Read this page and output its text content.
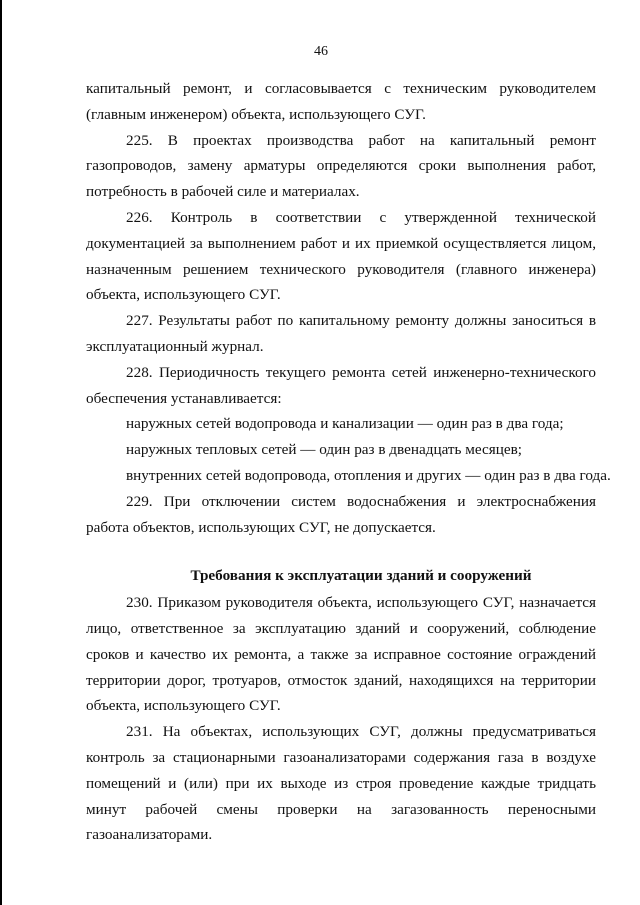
46

капитальный ремонт, и согласовывается с техническим руководителем (главным инженером) объекта, использующего СУГ.

225. В проектах производства работ на капитальный ремонт газопроводов, замену арматуры определяются сроки выполнения работ, потребность в рабочей силе и материалах.

226. Контроль в соответствии с утвержденной технической документацией за выполнением работ и их приемкой осуществляется лицом, назначенным решением технического руководителя (главного инженера) объекта, использующего СУГ.

227. Результаты работ по капитальному ремонту должны заноситься в эксплуатационный журнал.

228. Периодичность текущего ремонта сетей инженерно-технического обеспечения устанавливается:

наружных сетей водопровода и канализации — один раз в два года;

наружных тепловых сетей — один раз в двенадцать месяцев;

внутренних сетей водопровода, отопления и других — один раз в два года.

229. При отключении систем водоснабжения и электроснабжения работа объектов, использующих СУГ, не допускается.

Требования к эксплуатации зданий и сооружений

230. Приказом руководителя объекта, использующего СУГ, назначается лицо, ответственное за эксплуатацию зданий и сооружений, соблюдение сроков и качество их ремонта, а также за исправное состояние ограждений территории дорог, тротуаров, отмосток зданий, находящихся на территории объекта, использующего СУГ.

231. На объектах, использующих СУГ, должны предусматриваться контроль за стационарными газоанализаторами содержания газа в воздухе помещений и (или) при их выходе из строя проведение каждые тридцать минут рабочей смены проверки на загазованность переносными газоанализаторами.
